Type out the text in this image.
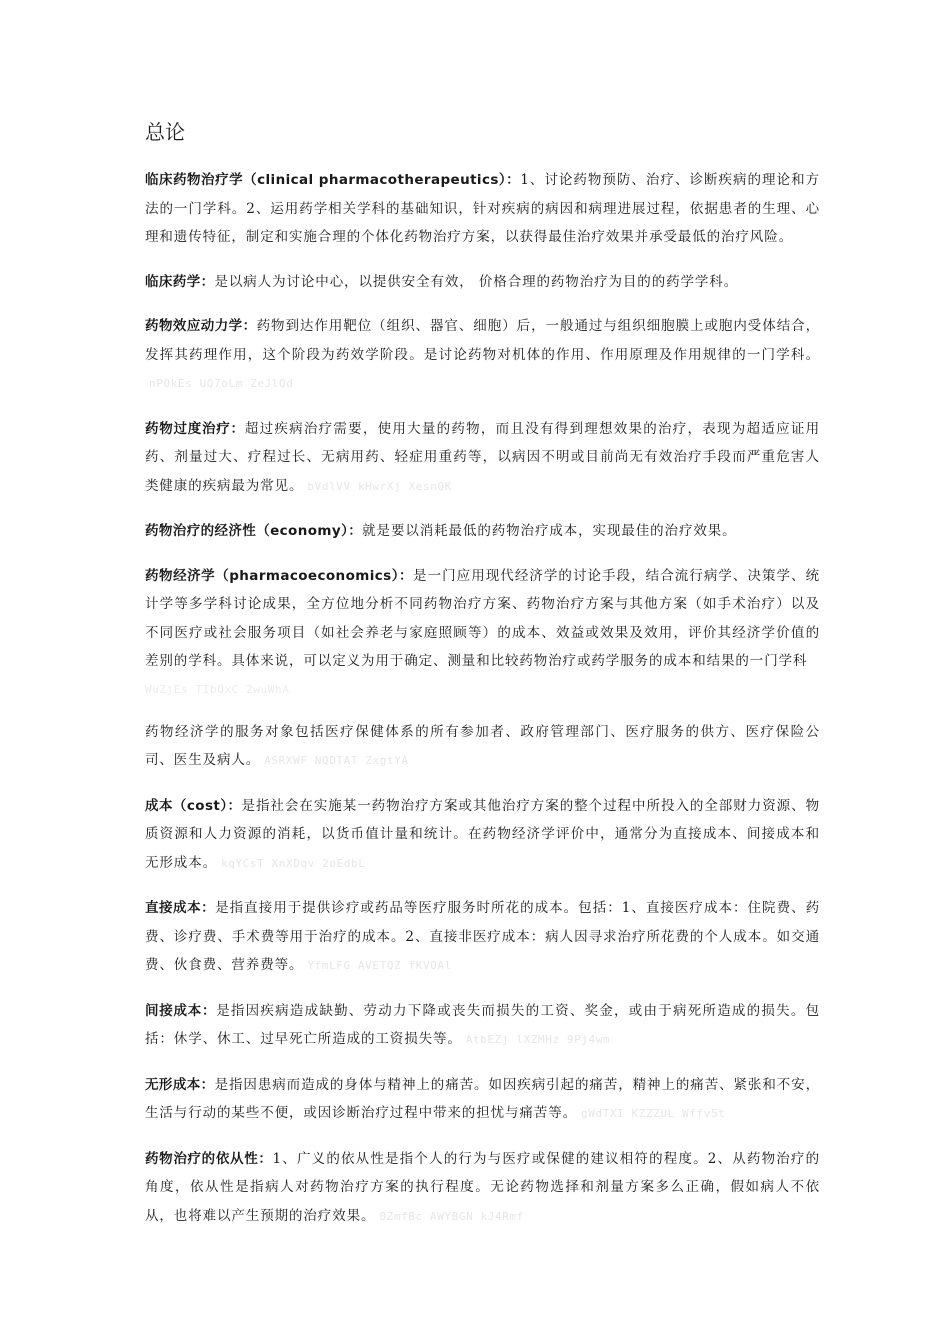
总论

临床药物治疗学（clinical pharmacotherapeutics）：1、讨论药物预防、治疗、诊断疾病的理论和方法的一门学科。2、运用药学相关学科的基础知识，针对疾病的病因和病理进展过程，依据患者的生理、心理和遗传特征，制定和实施合理的个体化药物治疗方案，以获得最佳治疗效果并承受最低的治疗风险。

临床药学：是以病人为讨论中心，以提供安全有效， 价格合理的药物治疗为目的的药学学科。

药物效应动力学：药物到达作用靶位（组织、器官、细胞）后，一般通过与组织细胞膜上或胞内受体结合，发挥其药理作用，这个阶段为药效学阶段。是讨论药物对机体的作用、作用原理及作用规律的一门学科。nPOkEs UQ7oLm ZeJlQd

药物过度治疗：超过疾病治疗需要，使用大量的药物，而且没有得到理想效果的治疗，表现为超适应证用药、剂量过大、疗程过长、无病用药、轻症用重药等，以病因不明或目前尚无有效治疗手段而严重危害人类健康的疾病最为常见。 bVdlVV kHwrXj XesnQK

药物治疗的经济性（economy）：就是要以消耗最低的药物治疗成本，实现最佳的治疗效果。

药物经济学（pharmacoeconomics）：是一门应用现代经济学的讨论手段，结合流行病学、决策学、统计学等多学科讨论成果，全方位地分析不同药物治疗方案、药物治疗方案与其他方案（如手术治疗）以及不同医疗或社会服务项目（如社会养老与家庭照顾等）的成本、效益或效果及效用，评价其经济学价值的差别的学科。具体来说，可以定义为用于确定、测量和比较药物治疗或药学服务的成本和结果的一门学科

WuZjEs TIbOxC 2wuWhA

药物经济学的服务对象包括医疗保健体系的所有参加者、政府管理部门、医疗服务的供方、医疗保险公司、医生及病人。 ASRXWF NQDTAT ZxgtYA

成本（cost）：是指社会在实施某一药物治疗方案或其他治疗方案的整个过程中所投入的全部财力资源、物质资源和人力资源的消耗，以货币值计量和统计。在药物经济学评价中，通常分为直接成本、间接成本和无形成本。 kqYCsT XnXDqv 2oEdbL

直接成本：是指直接用于提供诊疗或药品等医疗服务时所花的成本。包括：1、直接医疗成本：住院费、药费、诊疗费、手术费等用于治疗的成本。2、直接非医疗成本：病人因寻求治疗所花费的个人成本。如交通费、伙食费、营养费等。 YfmLFG AVETQZ fKVOAl

间接成本：是指因疾病造成缺勤、劳动力下降或丧失而损失的工资、奖金，或由于病死所造成的损失。包括：休学、休工、过早死亡所造成的工资损失等。 AtbEZj lXZMHz 9Pj4wm

无形成本：是指因患病而造成的身体与精神上的痛苦。如因疾病引起的痛苦，精神上的痛苦、紧张和不安，生活与行动的某些不便，或因诊断治疗过程中带来的担忧与痛苦等。 gWdTXI KZZZUL Wffv5t

药物治疗的依从性：1、广义的依从性是指个人的行为与医疗或保健的建议相符的程度。2、从药物治疗的角度，依从性是指病人对药物治疗方案的执行程度。无论药物选择和剂量方案多么正确，假如病人不依从，也将难以产生预期的治疗效果。 0ZmfBc AWYBGN kJ4Rmf
